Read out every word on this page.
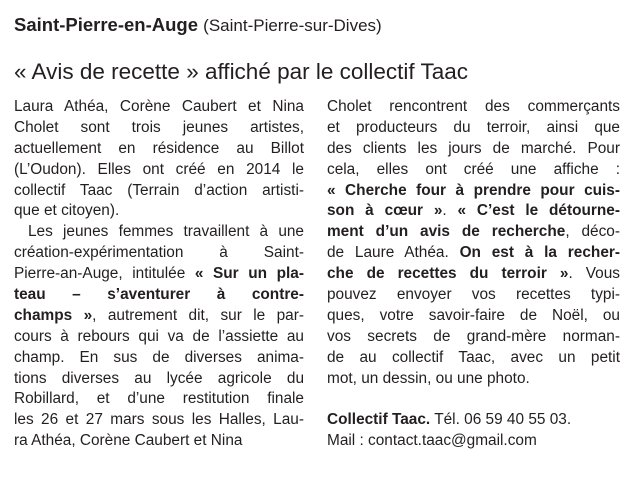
Saint-Pierre-en-Auge (Saint-Pierre-sur-Dives)
« Avis de recette » affiché par le collectif Taac
Laura Athéa, Corène Caubert et Nina
Cholet sont trois jeunes artistes,
actuellement en résidence au Billot
(L’Oudon). Elles ont créé en 2014 le
collectif Taac (Terrain d’action artisti-
que et citoyen).
Les jeunes femmes travaillent à une
création-expérimentation à Saint-
Pierre-an-Auge, intitulée « Sur un pla-
teau – s’aventurer à contre-
champs », autrement dit, sur le par-
cours à rebours qui va de l’assiette au
champ. En sus de diverses anima-
tions diverses au lycée agricole du
Robillard, et d’une restitution finale
les 26 et 27 mars sous les Halles, Lau-
ra Athéa, Corène Caubert et Nina
Cholet rencontrent des commerçants
et producteurs du terroir, ainsi que
des clients les jours de marché. Pour
cela, elles ont créé une affiche :
« Cherche four à prendre pour cuis-
son à cœur ». « C’est le détourne-
ment d’un avis de recherche, déco-
de Laure Athéa. On est à la recher-
che de recettes du terroir ». Vous
pouvez envoyer vos recettes typi-
ques, votre savoir-faire de Noël, ou
vos secrets de grand-mère norman-
de au collectif Taac, avec un petit
mot, un dessin, ou une photo.
Collectif Taac. Tél. 06 59 40 55 03.
Mail : contact.taac@gmail.com
